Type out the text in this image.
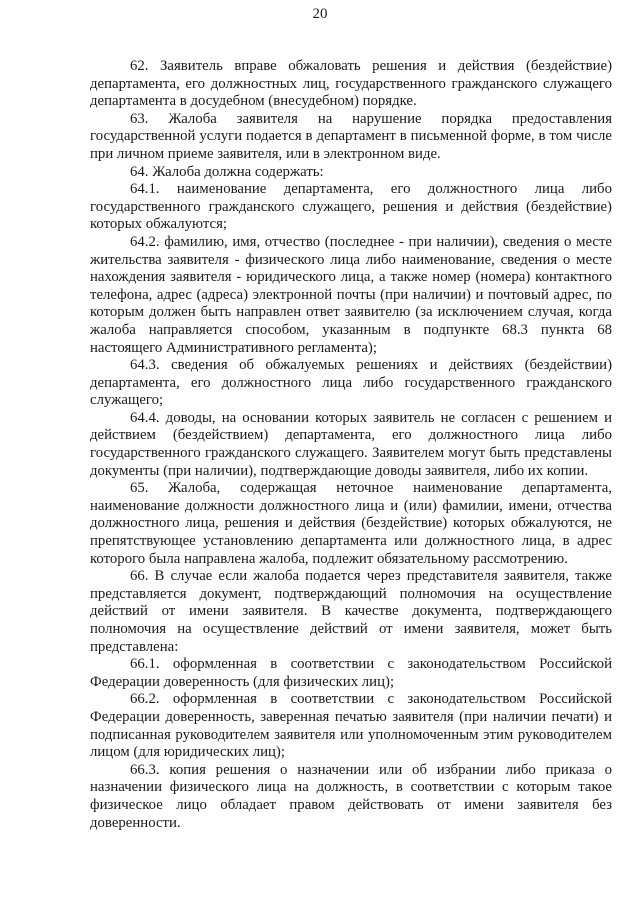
20

62. Заявитель вправе обжаловать решения и действия (бездействие) департамента, его должностных лиц, государственного гражданского служащего департамента в досудебном (внесудебном) порядке.

63. Жалоба заявителя на нарушение порядка предоставления государственной услуги подается в департамент в письменной форме, в том числе при личном приеме заявителя, или в электронном виде.

64. Жалоба должна содержать:

64.1. наименование департамента, его должностного лица либо государственного гражданского служащего, решения и действия (бездействие) которых обжалуются;

64.2. фамилию, имя, отчество (последнее - при наличии), сведения о месте жительства заявителя - физического лица либо наименование, сведения о месте нахождения заявителя - юридического лица, а также номер (номера) контактного телефона, адрес (адреса) электронной почты (при наличии) и почтовый адрес, по которым должен быть направлен ответ заявителю (за исключением случая, когда жалоба направляется способом, указанным в подпункте 68.3 пункта 68 настоящего Административного регламента);

64.3. сведения об обжалуемых решениях и действиях (бездействии) департамента, его должностного лица либо государственного гражданского служащего;

64.4. доводы, на основании которых заявитель не согласен с решением и действием (бездействием) департамента, его должностного лица либо государственного гражданского служащего. Заявителем могут быть представлены документы (при наличии), подтверждающие доводы заявителя, либо их копии.

65. Жалоба, содержащая неточное наименование департамента, наименование должности должностного лица и (или) фамилии, имени, отчества должностного лица, решения и действия (бездействие) которых обжалуются, не препятствующее установлению департамента или должностного лица, в адрес которого была направлена жалоба, подлежит обязательному рассмотрению.

66. В случае если жалоба подается через представителя заявителя, также представляется документ, подтверждающий полномочия на осуществление действий от имени заявителя. В качестве документа, подтверждающего полномочия на осуществление действий от имени заявителя, может быть представлена:

66.1. оформленная в соответствии с законодательством Российской Федерации доверенность (для физических лиц);

66.2. оформленная в соответствии с законодательством Российской Федерации доверенность, заверенная печатью заявителя (при наличии печати) и подписанная руководителем заявителя или уполномоченным этим руководителем лицом (для юридических лиц);

66.3. копия решения о назначении или об избрании либо приказа о назначении физического лица на должность, в соответствии с которым такое физическое лицо обладает правом действовать от имени заявителя без доверенности.
